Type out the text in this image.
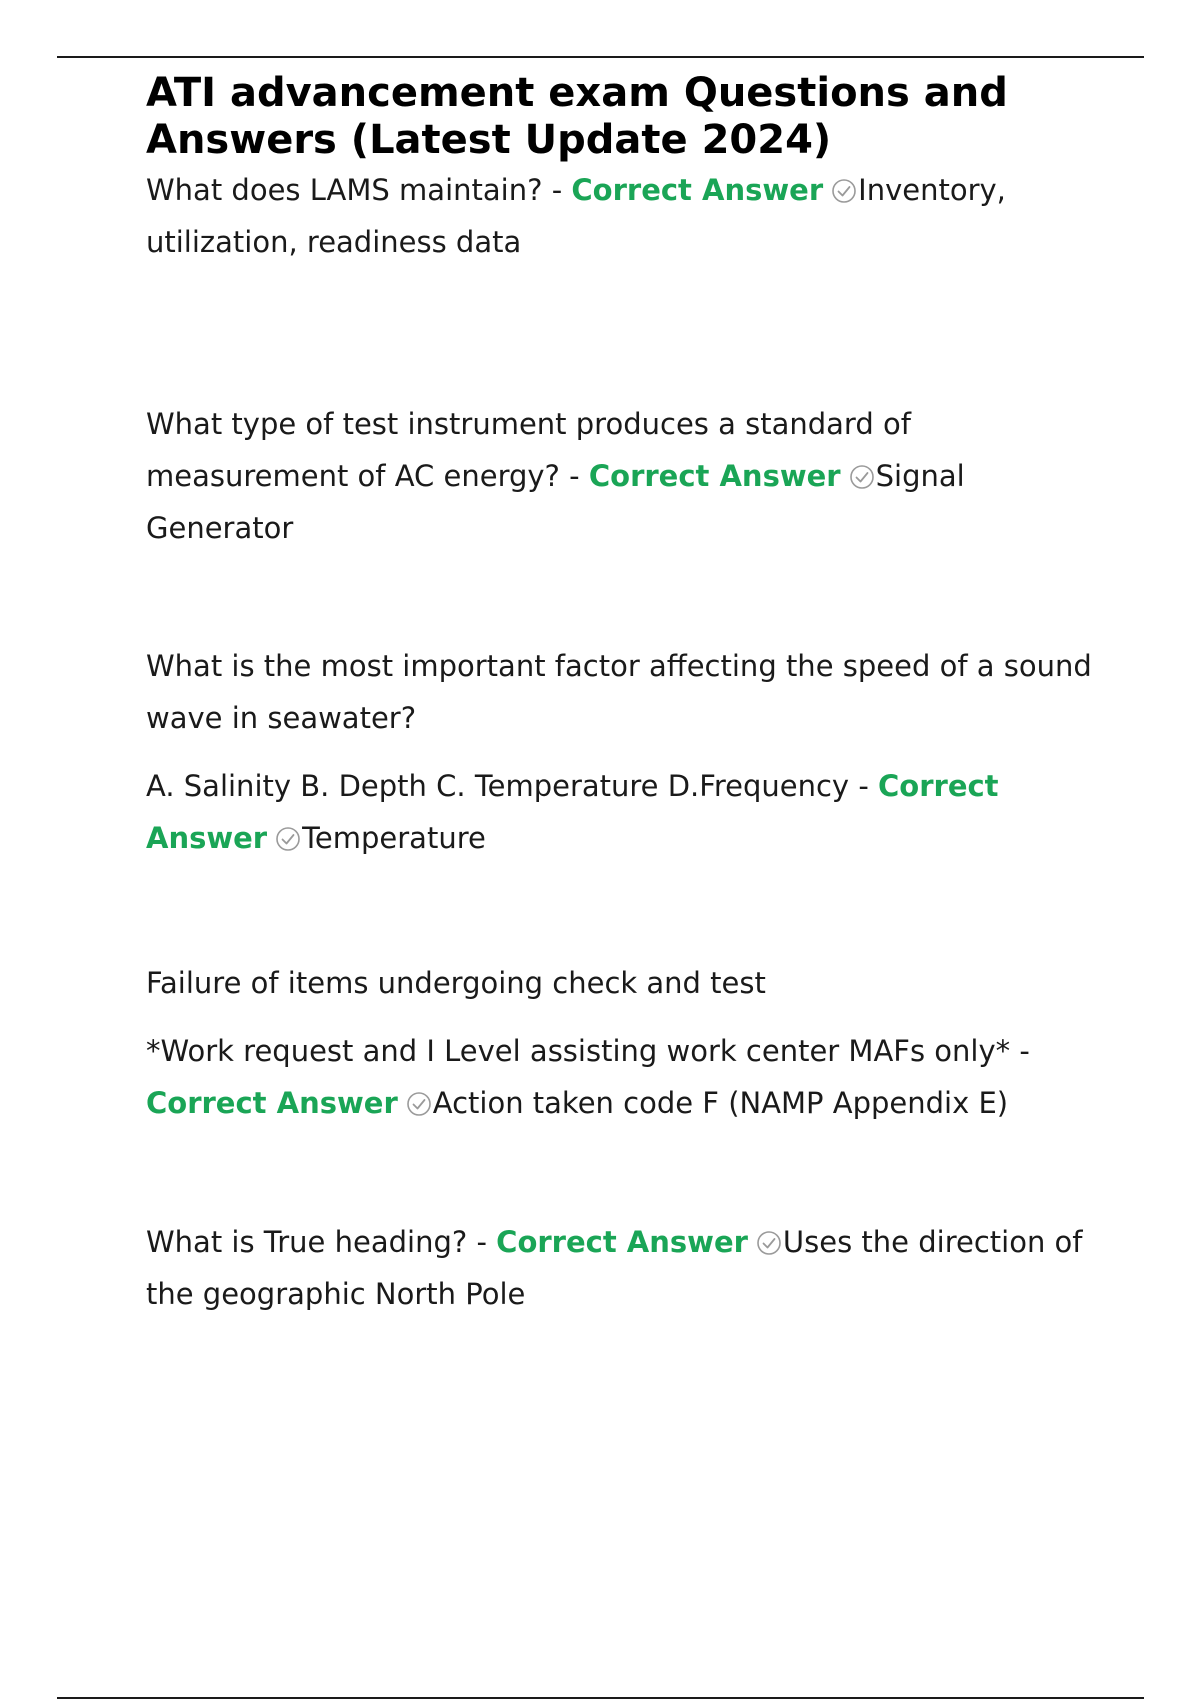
ATI advancement exam Questions and Answers (Latest Update 2024)

What does LAMS maintain? - Correct Answer Inventory, utilization, readiness data

What type of test instrument produces a standard of measurement of AC energy? - Correct Answer Signal Generator

What is the most important factor affecting the speed of a sound wave in seawater?

A. Salinity B. Depth C. Temperature D.Frequency - Correct Answer Temperature

Failure of items undergoing check and test

*Work request and I Level assisting work center MAFs only* - Correct Answer Action taken code F (NAMP Appendix E)

What is True heading? - Correct Answer Uses the direction of the geographic North Pole
